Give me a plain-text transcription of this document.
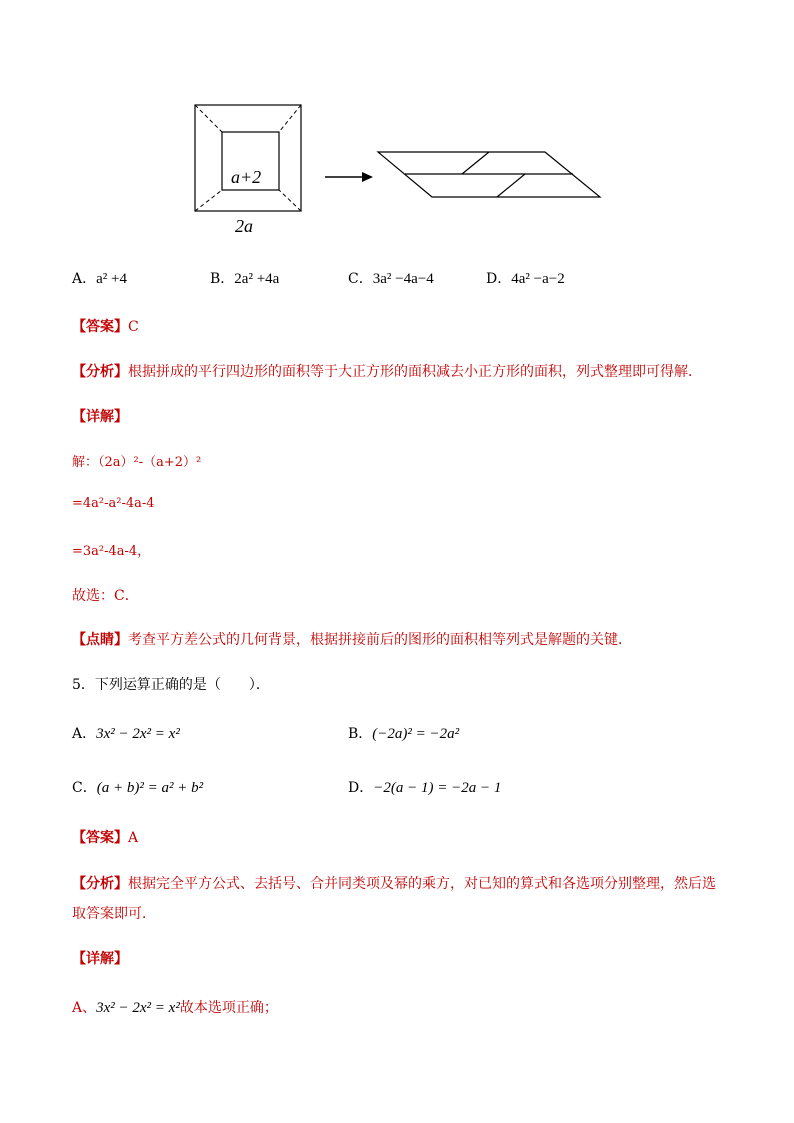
a+2
2a
A．a² +4	B．2a² +4a	C．3a² −4a−4	D．4a² −a−2
【答案】C
【分析】根据拼成的平行四边形的面积等于大正方形的面积减去小正方形的面积，列式整理即可得解．
【详解】
解：（2a）²-（a+2）²
=4a²-a²-4a-4
=3a²-4a-4，
故选：C．
【点睛】考查平方差公式的几何背景，根据拼接前后的图形的面积相等列式是解题的关键．
5．下列运算正确的是（　　）．
A．3x² − 2x² = x²	B．(−2a)² = −2a²
C．(a + b)² = a² + b²	D．−2(a − 1) = −2a − 1
【答案】A
【分析】根据完全平方公式、去括号、合并同类项及幂的乘方，对已知的算式和各选项分别整理，然后选
取答案即可．
【详解】
A、3x² − 2x² = x²故本选项正确；
